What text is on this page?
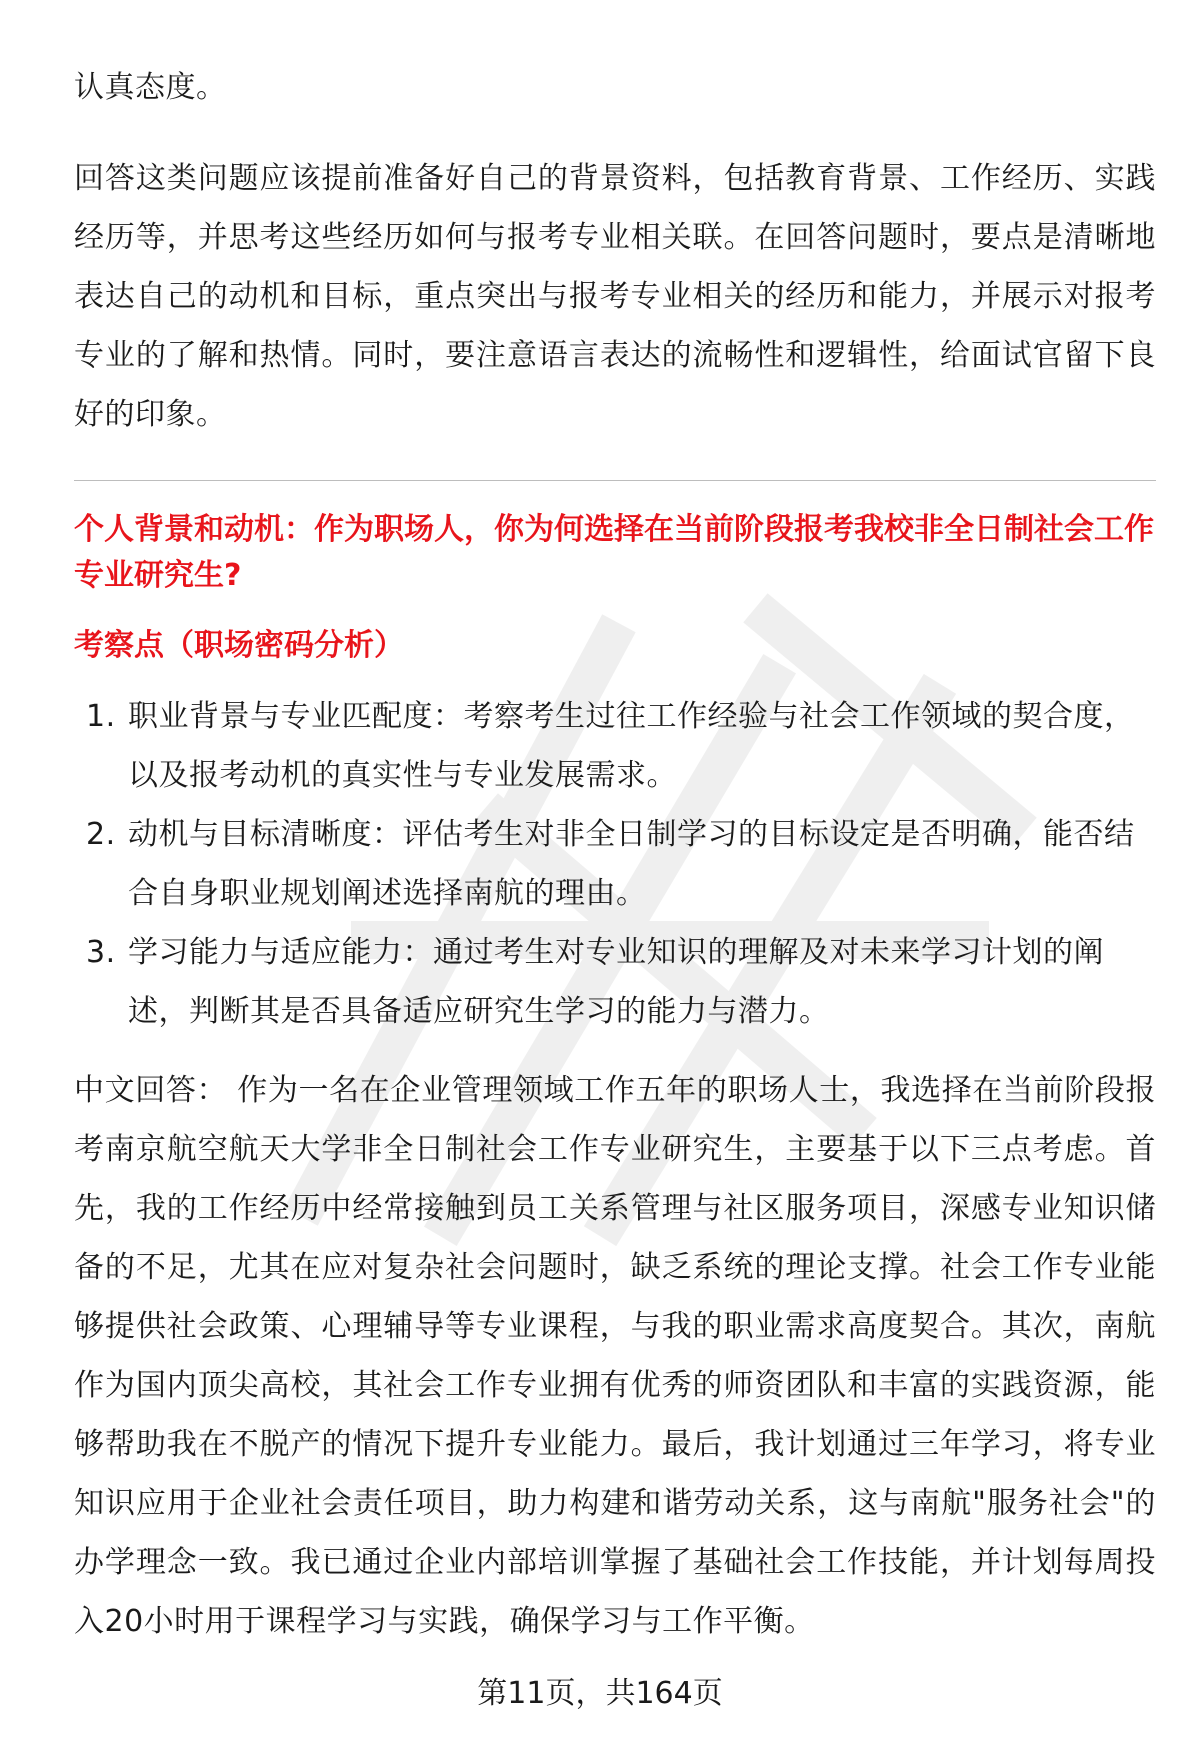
认真态度。

回答这类问题应该提前准备好自己的背景资料，包括教育背景、工作经历、实践经历等，并思考这些经历如何与报考专业相关联。在回答问题时，要点是清晰地表达自己的动机和目标，重点突出与报考专业相关的经历和能力，并展示对报考专业的了解和热情。同时，要注意语言表达的流畅性和逻辑性，给面试官留下良好的印象。

个人背景和动机：作为职场人，你为何选择在当前阶段报考我校非全日制社会工作专业研究生?

考察点（职场密码分析）

1. 职业背景与专业匹配度：考察考生过往工作经验与社会工作领域的契合度，以及报考动机的真实性与专业发展需求。
2. 动机与目标清晰度：评估考生对非全日制学习的目标设定是否明确，能否结合自身职业规划阐述选择南航的理由。
3. 学习能力与适应能力：通过考生对专业知识的理解及对未来学习计划的阐述，判断其是否具备适应研究生学习的能力与潜力。

中文回答： 作为一名在企业管理领域工作五年的职场人士，我选择在当前阶段报考南京航空航天大学非全日制社会工作专业研究生，主要基于以下三点考虑。首先，我的工作经历中经常接触到员工关系管理与社区服务项目，深感专业知识储备的不足，尤其在应对复杂社会问题时，缺乏系统的理论支撑。社会工作专业能够提供社会政策、心理辅导等专业课程，与我的职业需求高度契合。其次，南航作为国内顶尖高校，其社会工作专业拥有优秀的师资团队和丰富的实践资源，能够帮助我在不脱产的情况下提升专业能力。最后，我计划通过三年学习，将专业知识应用于企业社会责任项目，助力构建和谐劳动关系，这与南航"服务社会"的办学理念一致。我已通过企业内部培训掌握了基础社会工作技能，并计划每周投入20小时用于课程学习与实践，确保学习与工作平衡。

第11页，共164页
